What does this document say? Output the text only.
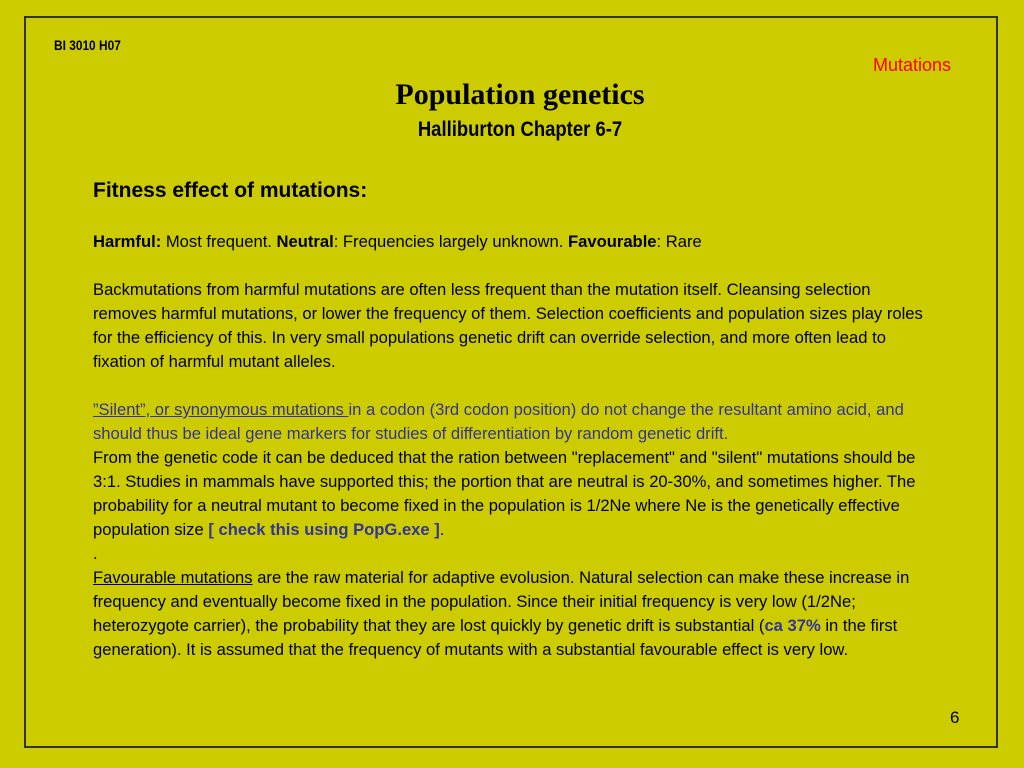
BI 3010 H07
Mutations
Population genetics
Halliburton Chapter 6-7

Fitness effect of mutations:

Harmful: Most frequent. Neutral: Frequencies largely unknown. Favourable: Rare

Backmutations from harmful mutations are often less frequent than the mutation itself. Cleansing selection removes harmful mutations, or lower the frequency of them. Selection coefficients and population sizes play roles for the efficiency of this. In very small populations genetic drift can override selection, and more often lead to fixation of harmful mutant alleles.

”Silent”, or synonymous mutations in a codon (3rd codon position) do not change the resultant amino acid, and should thus be ideal gene markers for studies of differentiation by random genetic drift.

From the genetic code it can be deduced that the ration between "replacement" and "silent" mutations should be 3:1. Studies in mammals have supported this; the portion that are neutral is 20-30%, and sometimes higher. The probability for a neutral mutant to become fixed in the population is 1/2Ne where Ne is the genetically effective population size [ check this using PopG.exe ].

.

Favourable mutations are the raw material for adaptive evolusion. Natural selection can make these increase in frequency and eventually become fixed in the population. Since their initial frequency is very low (1/2Ne; heterozygote carrier), the probability that they are lost quickly by genetic drift is substantial (ca 37% in the first generation). It is assumed that the frequency of mutants with a substantial favourable effect is very low.

6
